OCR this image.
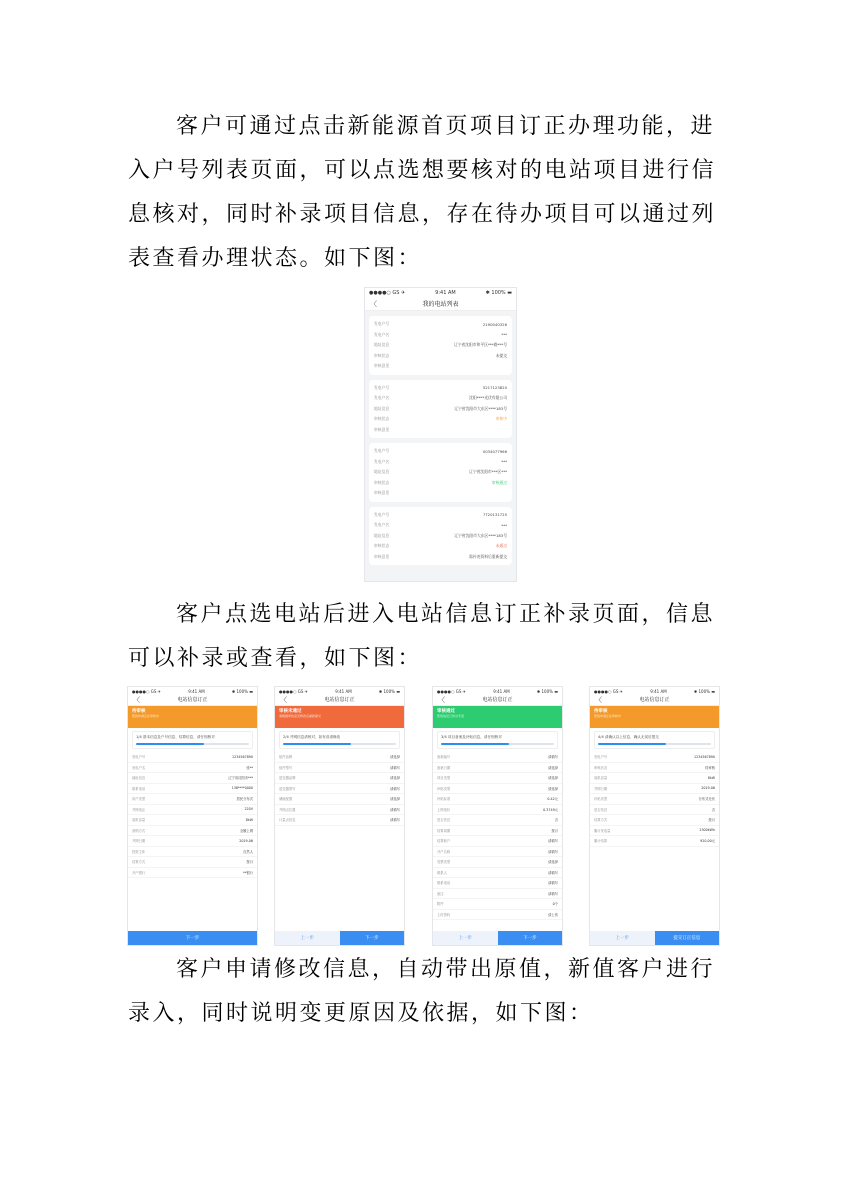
客户可通过点击新能源首页项目订正办理功能，进入户号列表页面，可以点选想要核对的电站项目进行信息核对，同时补录项目信息，存在待办项目可以通过列表查看办理状态。如下图：
●●●●○ GS ✈	9:41 AM	✱ 100% ▬
〈	我的电站列表
发电户号	2190040326
发电户名	***
地址信息	辽宁省沈阳市和平区***路***号
审核状态	未提交
审核意见
发电户号	5217123820
发电户名	沈阳****光伏有限公司
地址信息	辽宁省沈阳市大东区****183号
审核状态	审核中
审核意见
发电户号	0034077966
发电户名	***
地址信息	辽宁省沈阳市***区***
审核状态	审核通过
审核意见
发电户号	7720131725
发电户名	***
地址信息	辽宁省沈阳市大东区****183号
审核状态	未通过
审核意见	需补充资料后重新提交
客户点选电站后进入电站信息订正补录页面，信息可以补录或查看，如下图：
●●●●○ GS ✈	9:41 AM	✱ 100% ▬
〈	电站信息订正
待审核
您的申请正在审核中
1/4 基本信息及户号信息、结算信息，请仔细核对
发电户号	1234567890
发电户名	张**
地址信息	辽宁省沈阳市***
联系电话	138****0000
用户类型	居民分布式
并网电压	220V
装机容量	8kW
消纳方式	全额上网
并网日期	2019-06
投资主体	自然人
结算方式	按月
开户银行	**银行
下一步
●●●●○ GS ✈	9:41 AM	✱ 100% ▬
〈	电站信息订正
审核未通过
请根据审核意见修改后重新提交
2/4 并网信息请核对，如有误请修改
组件品牌	请选择
组件型号	请填写
逆变器品牌	请选择
逆变器型号	请填写
储能配置	请选择
并网点位置	请填写
计量点信息	请填写
上一步	下一步
●●●●○ GS ✈	9:41 AM	✱ 100% ▬
〈	电站信息订正
审核通过
您的信息已核对无误
3/4 项目备案及补贴信息，请仔细核对
备案编号	请填写
备案日期	请选择
项目类型	请选择
补贴类型	请选择
补贴标准	0.42元
上网电价	0.3749元
是否扶贫	否
结算周期	按月
结算账户	请填写
开户名称	请填写
发票类型	请选择
联系人	请填写
联系电话	请填写
备注	请填写
附件	0个
上传资料	请上传
上一步	下一步
●●●●○ GS ✈	9:41 AM	✱ 100% ▬
〈	电站信息订正
待审核
您的申请正在审核中
4/4 请确认以上信息，确认无误后提交
发电户号	1234567890
审核状态	待审核
装机容量	8kW
并网日期	2019-06
补贴类型	分布式光伏
是否扶贫	否
结算方式	按月
累计发电量	2300kWh
累计结算	920.00元
上一步	提交订正信息
客户申请修改信息，自动带出原值，新值客户进行录入，同时说明变更原因及依据，如下图：
